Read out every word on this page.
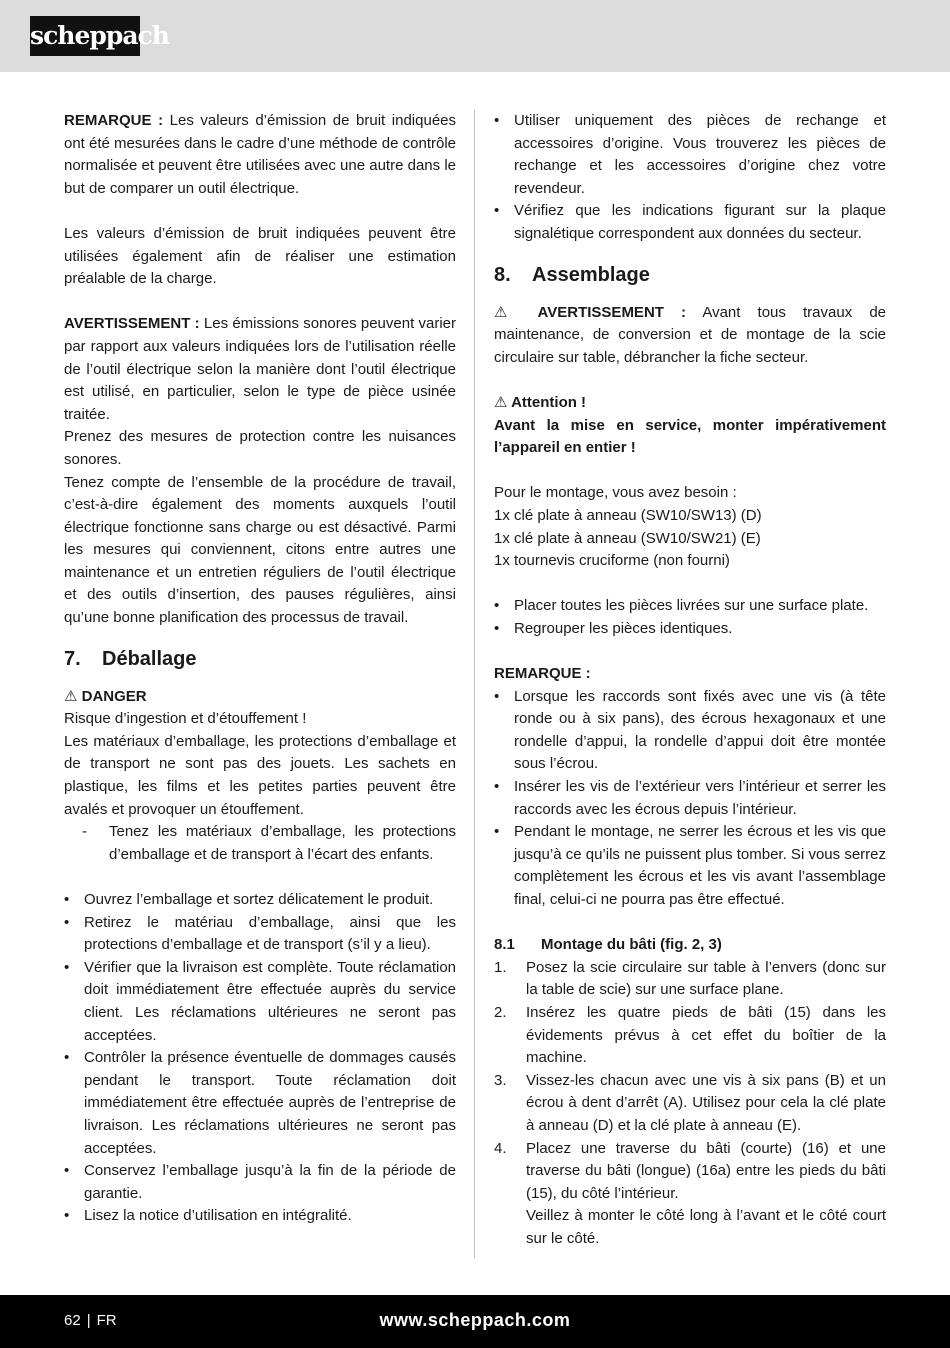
scheppach

REMARQUE : Les valeurs d’émission de bruit indiquées ont été mesurées dans le cadre d’une méthode de contrôle normalisée et peuvent être utilisées avec une autre dans le but de comparer un outil électrique.

Les valeurs d’émission de bruit indiquées peuvent être utilisées également afin de réaliser une estimation préalable de la charge.

AVERTISSEMENT : Les émissions sonores peuvent varier par rapport aux valeurs indiquées lors de l’utilisation réelle de l’outil électrique selon la manière dont l’outil électrique est utilisé, en particulier, selon le type de pièce usinée traitée.

Prenez des mesures de protection contre les nuisances sonores.

Tenez compte de l’ensemble de la procédure de travail, c’est-à-dire également des moments auxquels l’outil électrique fonctionne sans charge ou est désactivé. Parmi les mesures qui conviennent, citons entre autres une maintenance et un entretien réguliers de l’outil électrique et des outils d’insertion, des pauses régulières, ainsi qu’une bonne planification des processus de travail.

7.	Déballage

⚠ DANGER

Risque d’ingestion et d’étouffement !

Les matériaux d’emballage, les protections d’emballage et de transport ne sont pas des jouets. Les sachets en plastique, les films et les petites parties peuvent être avalés et provoquer un étouffement.

- Tenez les matériaux d’emballage, les protections d’emballage et de transport à l’écart des enfants.
• Ouvrez l’emballage et sortez délicatement le produit.
• Retirez le matériau d’emballage, ainsi que les protections d’emballage et de transport (s’il y a lieu).
• Vérifier que la livraison est complète. Toute réclamation doit immédiatement être effectuée auprès du service client. Les réclamations ultérieures ne seront pas acceptées.
• Contrôler la présence éventuelle de dommages causés pendant le transport. Toute réclamation doit immédiatement être effectuée auprès de l’entreprise de livraison. Les réclamations ultérieures ne seront pas acceptées.
• Conservez l’emballage jusqu’à la fin de la période de garantie.
• Lisez la notice d’utilisation en intégralité.
• Utiliser uniquement des pièces de rechange et accessoires d’origine. Vous trouverez les pièces de rechange et les accessoires d’origine chez votre revendeur.
• Vérifiez que les indications figurant sur la plaque signalétique correspondent aux données du secteur.
8.	Assemblage

⚠ AVERTISSEMENT : Avant tous travaux de maintenance, de conversion et de montage de la scie circulaire sur table, débrancher la fiche secteur.

⚠ Attention !

Avant la mise en service, monter impérativement l’appareil en entier !

Pour le montage, vous avez besoin :

1x clé plate à anneau (SW10/SW13) (D)

1x clé plate à anneau (SW10/SW21) (E)

1x tournevis cruciforme (non fourni)

• Placer toutes les pièces livrées sur une surface plate.
• Regrouper les pièces identiques.

REMARQUE :

• Lorsque les raccords sont fixés avec une vis (à tête ronde ou à six pans), des écrous hexagonaux et une rondelle d’appui, la rondelle d’appui doit être montée sous l’écrou.
• Insérer les vis de l’extérieur vers l’intérieur et serrer les raccords avec les écrous depuis l’intérieur.
• Pendant le montage, ne serrer les écrous et les vis que jusqu’à ce qu’ils ne puissent plus tomber. Si vous serrez complètement les écrous et les vis avant l’assemblage final, celui-ci ne pourra pas être effectué.
8.1	Montage du bâti (fig. 2, 3)
1. Posez la scie circulaire sur table à l’envers (donc sur la table de scie) sur une surface plane.
2. Insérez les quatre pieds de bâti (15) dans les évidements prévus à cet effet du boîtier de la machine.
3. Vissez-les chacun avec une vis à six pans (B) et un écrou à dent d’arrêt (A). Utilisez pour cela la clé plate à anneau (D) et la clé plate à anneau (E).
4. Placez une traverse du bâti (courte) (16) et une traverse du bâti (longue) (16a) entre les pieds du bâti (15), du côté l’intérieur.

Veillez à monter le côté long à l’avant et le côté court sur le côté.

62 | FR	www.scheppach.com
